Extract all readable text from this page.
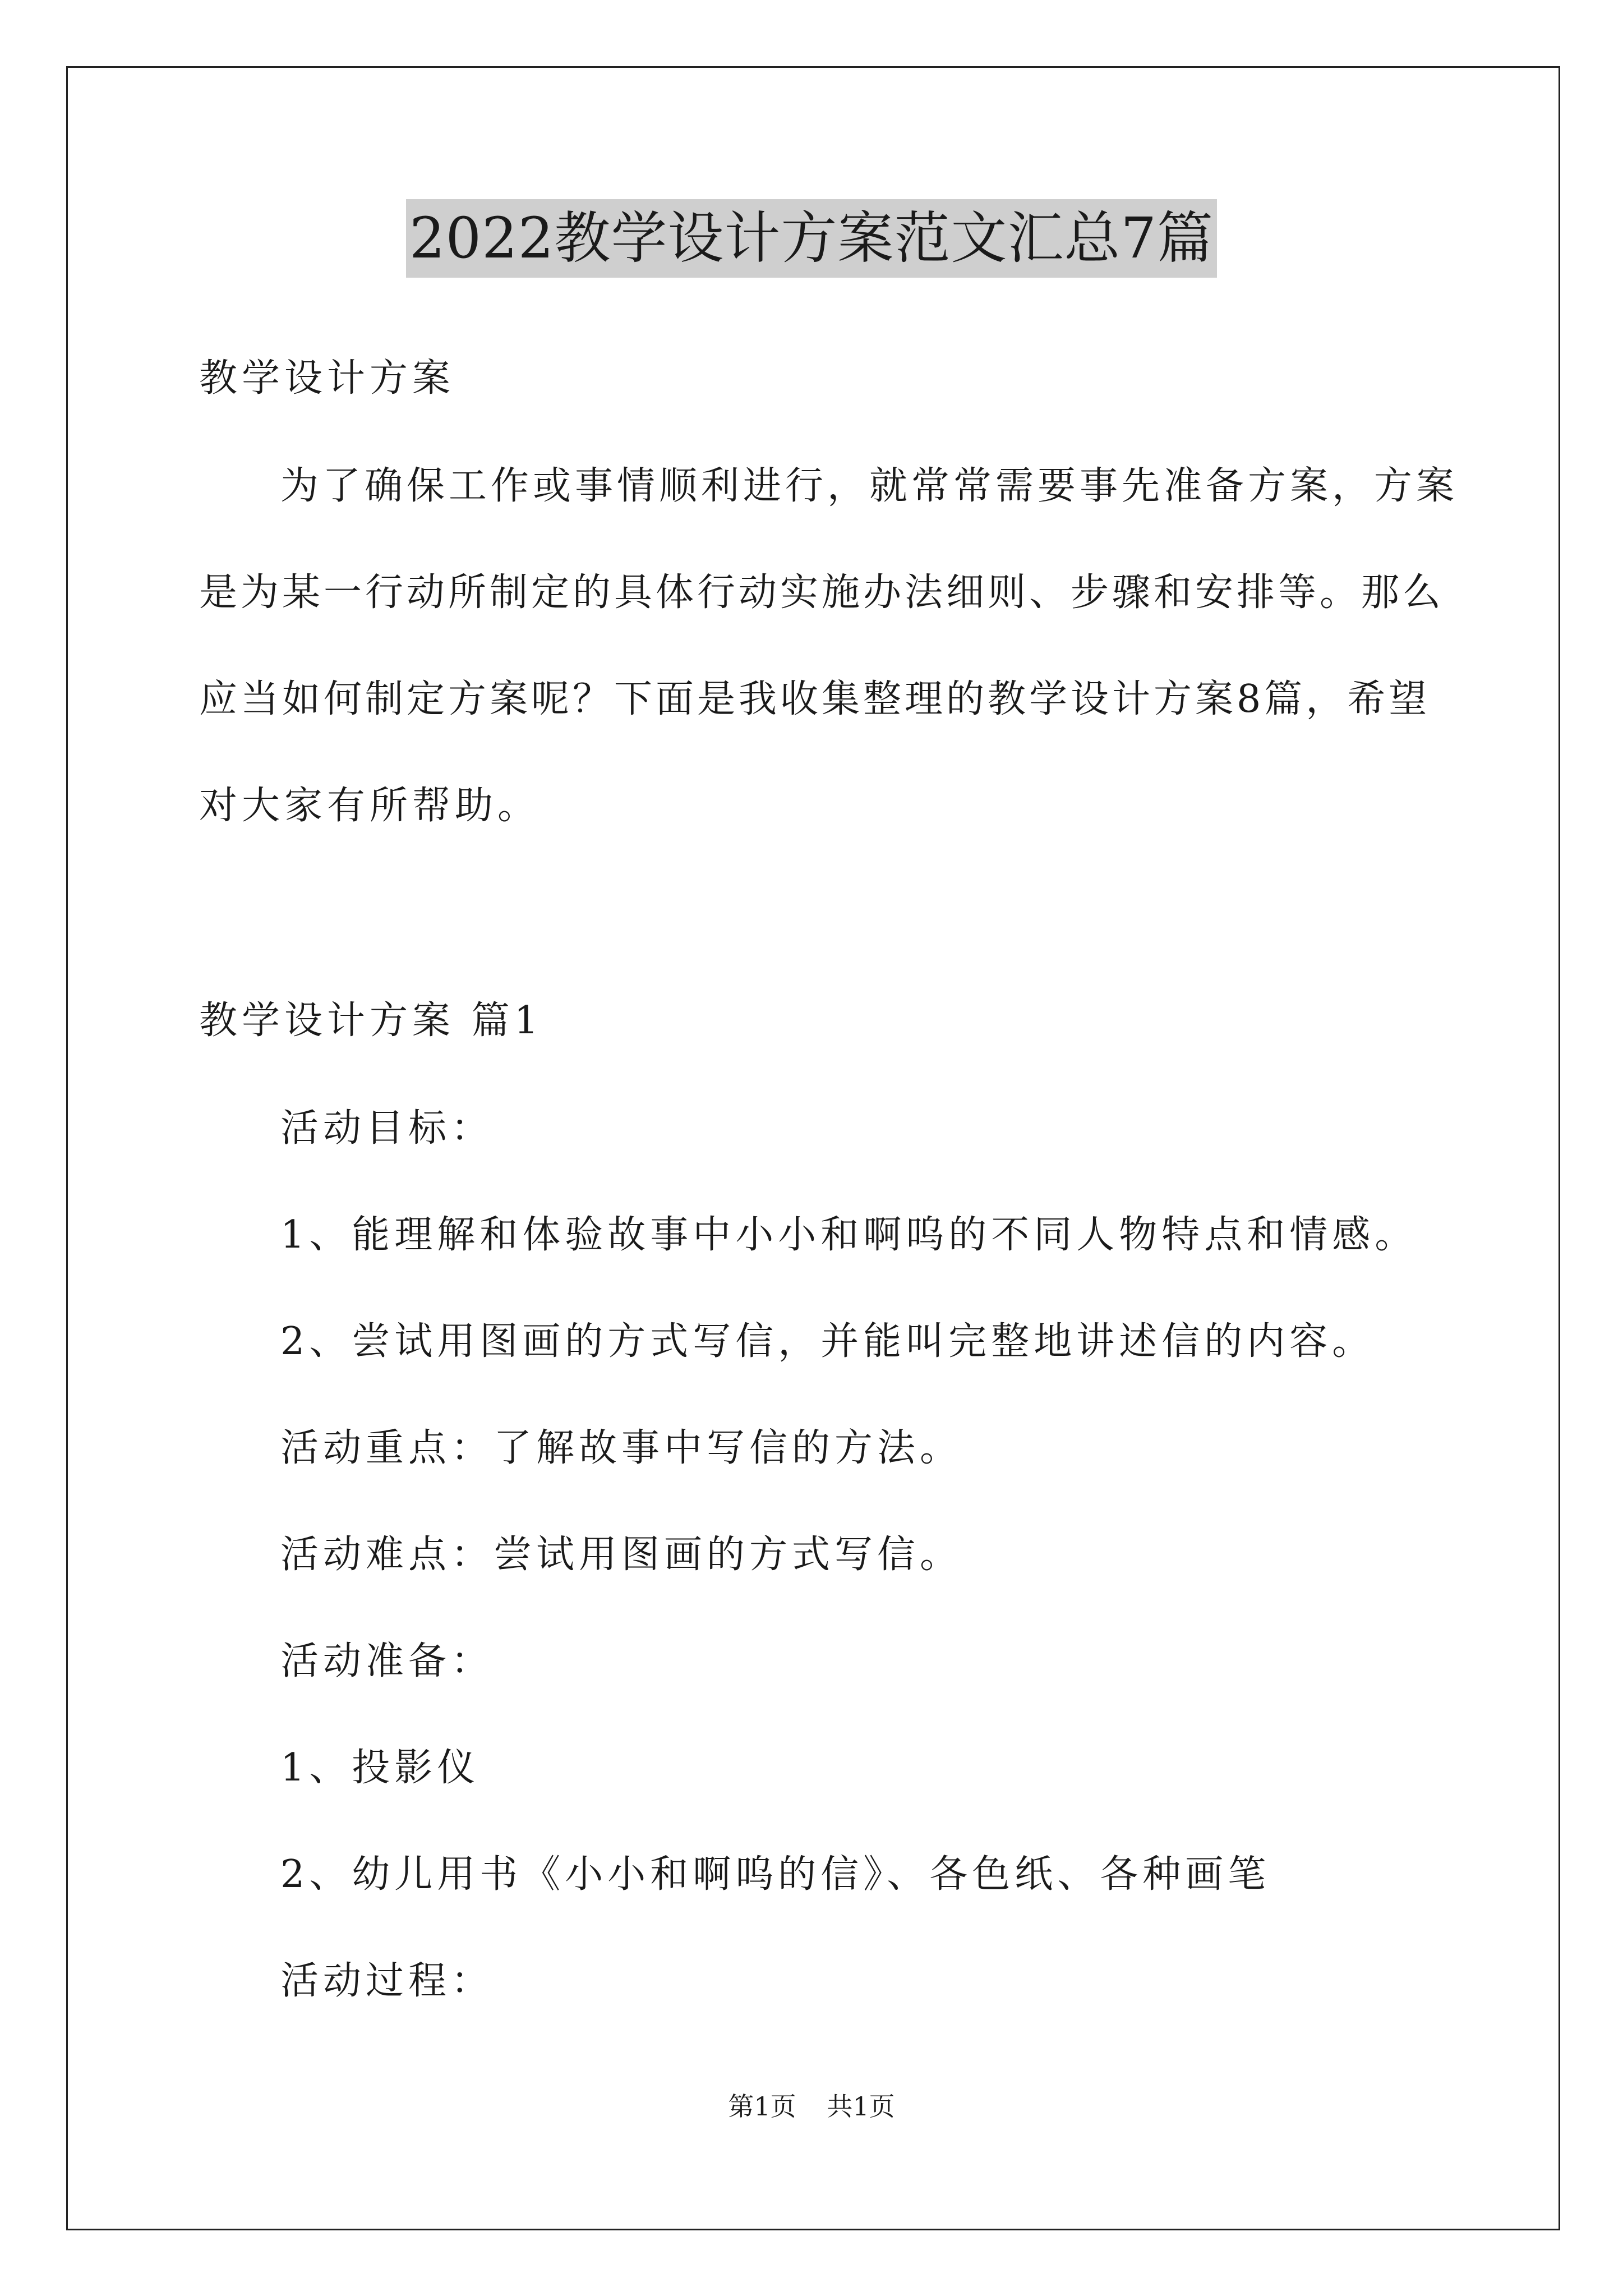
2022教学设计方案范文汇总7篇
教学设计方案
为了确保工作或事情顺利进行，就常常需要事先准备方案，方案
是为某一行动所制定的具体行动实施办法细则、步骤和安排等。那么
应当如何制定方案呢？下面是我收集整理的教学设计方案8篇，希望
对大家有所帮助。
教学设计方案 篇1
活动目标：
1、能理解和体验故事中小小和啊呜的不同人物特点和情感。
2、尝试用图画的方式写信，并能叫完整地讲述信的内容。
活动重点：了解故事中写信的方法。
活动难点：尝试用图画的方式写信。
活动准备：
1、投影仪
2、幼儿用书《小小和啊呜的信》、各色纸、各种画笔
活动过程：
第1页 共1页
